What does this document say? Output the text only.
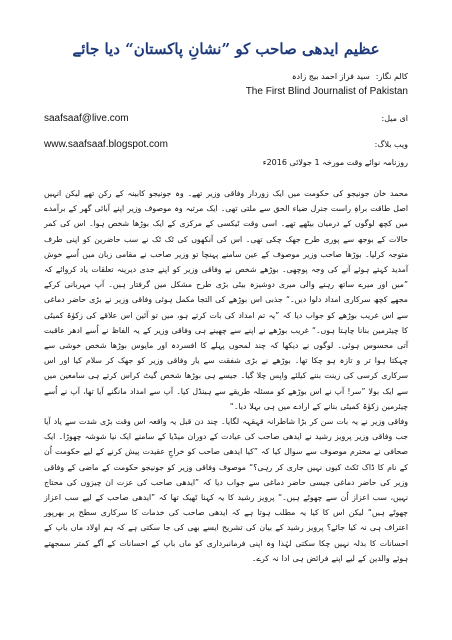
عظیم ایدھی صاحب کو ”نشانِ پاکستان“ دیا جائے
کالم نگار:سید فراز احمد بیج زادہ
The First Blind Journalist of Pakistan
saafsaaf@live.com	ای میل:
www.saafsaaf.blogspot.com	ویب بلاگ:
روزنامہ نوائے وقت مورخہ 1 جولائی 2016ء

محمد خان جونیجو کی حکومت میں ایک زوردار وفاقی وزیر تھے۔ وہ جونیجو کابینہ کے رکن تھے لیکن انہیں اصل طاقت براہِ راست جنرل ضیاء الحق سے ملتی تھی۔ ایک مرتبہ وہ موصوف وزیر اپنے آبائی گھر کے برآمدے میں کچھ لوگوں کے درمیان بیٹھے تھے۔ اسی وقت ٹیکسی کے مرکزی کے ایک بوڑھا شخص ہوا۔ اس کی کمر حالات کے بوجھ سے پوری طرح جھک چکی تھی۔ اس کی آنکھوں کی ٹک ٹک نے سب حاضرین کو اپنی طرف متوجہ کرلیا۔ بوڑھا صاحب وزیر موصوف کے عین سامنے پہنچا تو وزیر صاحب نے مقامی زبان میں اُسے خوش آمدید کہتے ہوئے آنے کی وجہ پوچھی۔ بوڑھے شخص نے وفاقی وزیر کو اپنے جدی دیرینہ تعلقات یاد کروائے کہ ”میں اور میرے ساتھ رہنے والی میری دوشیزہ بیٹی بڑی طرح مشکل میں گرفتار ہیں۔ آپ مہربانی کرکے مجھے کچھ سرکاری امداد دلوا دیں۔“ جذبی اس بوڑھے کی التجا مکمل ہوئی وفاقی وزیر نے بڑی حاضر دماغی سے اس غریب بوڑھے کو جواب دیا کہ ”یہ تم امداد کی بات کرتے ہو، میں تو آئین اس علاقے کی زکوٰۃ کمیٹی کا چیئرمین بنانا چاہتا ہوں۔“ غریب بوڑھے نے اپنے سے چھینے ہی وفاقی وزیر کے یہ الفاظ نے اُسے ادھر عاقبت آتی محسوس ہوئی۔ لوگوں نے دیکھا کہ چند لمحوں پہلے کا افسردہ اور مایوس بوڑھا شخص خوشی سے چہکتا ہوا تر و تازہ ہو چکا تھا۔ بوڑھے نے بڑی شفقت سے یار وفاقی وزیر کو جھک کر سلام کیا اور اس سرکاری کرسی کی زینت بننے کیلئے واپس چلا گیا۔ جیسے ہی بوڑھا شخص گیٹ کراس کرتے ہی سامعین میں سے ایک بولا ”سر! آپ نے اس بوڑھے کو مسئلہ طریقے سے ہینڈل کیا۔ آپ سے امداد مانگنے آیا تھا، آپ نے اُسے چیئرمین زکوٰۃ کمیٹی بنانے کے ارادے میں ہی بہلا دیا۔“

وفاقی وزیر نے یہ بات سن کر بڑا شاطرانہ قہقہہ لگایا۔ چند دن قبل یہ واقعہ اس وقت بڑی شدت سے یاد آیا جب وفاقی وزیر پرویز رشید نے ایدھی صاحب کی عیادت کے دوران میڈیا کے سامنے ایک نیا شوشہ چھوڑا۔ ایک صحافی نے محترم موصوف سے سوال کیا کہ ”کیا ایدھی صاحب کو خراجِ عقیدت پیش کرنے کے لیے حکومت اُن کے نام کا ڈاک ٹکٹ کیوں نہیں جاری کر رہی؟“ موصوف وفاقی وزیر کو جونیجو حکومت کے ماضی کے وفاقی وزیر کی حاضر دماغی جیسی حاضر دماغی سے جواب دیا کہ ”ایدھی صاحب کی عزت ان چیزوں کی محتاج نہیں، سب اعزاز اُن سے چھوٹے ہیں۔“ پرویز رشید کا یہ کہنا ٹھیک تھا کہ ”ایدھی صاحب کے لیے سب اعزاز چھوٹے ہیں“ لیکن اس کا کیا یہ مطلب ہوتا ہے کہ ایدھی صاحب کی خدمات کا سرکاری سطح پر بھرپور اعتراف ہی نہ کیا جائے؟ پرویز رشید کے بیان کی تشریح ایسے بھی کی جا سکتی ہے کہ ہم اولاد ماں باپ کے احسانات کا بدلہ نہیں چکا سکتی لہٰذا وہ اپنی فرمانبرداری کو ماں باپ کے احسانات کے آگے کمتر سمجھتے ہوئے والدین کے لیے اپنے فرائض ہی ادا نہ کرے۔
